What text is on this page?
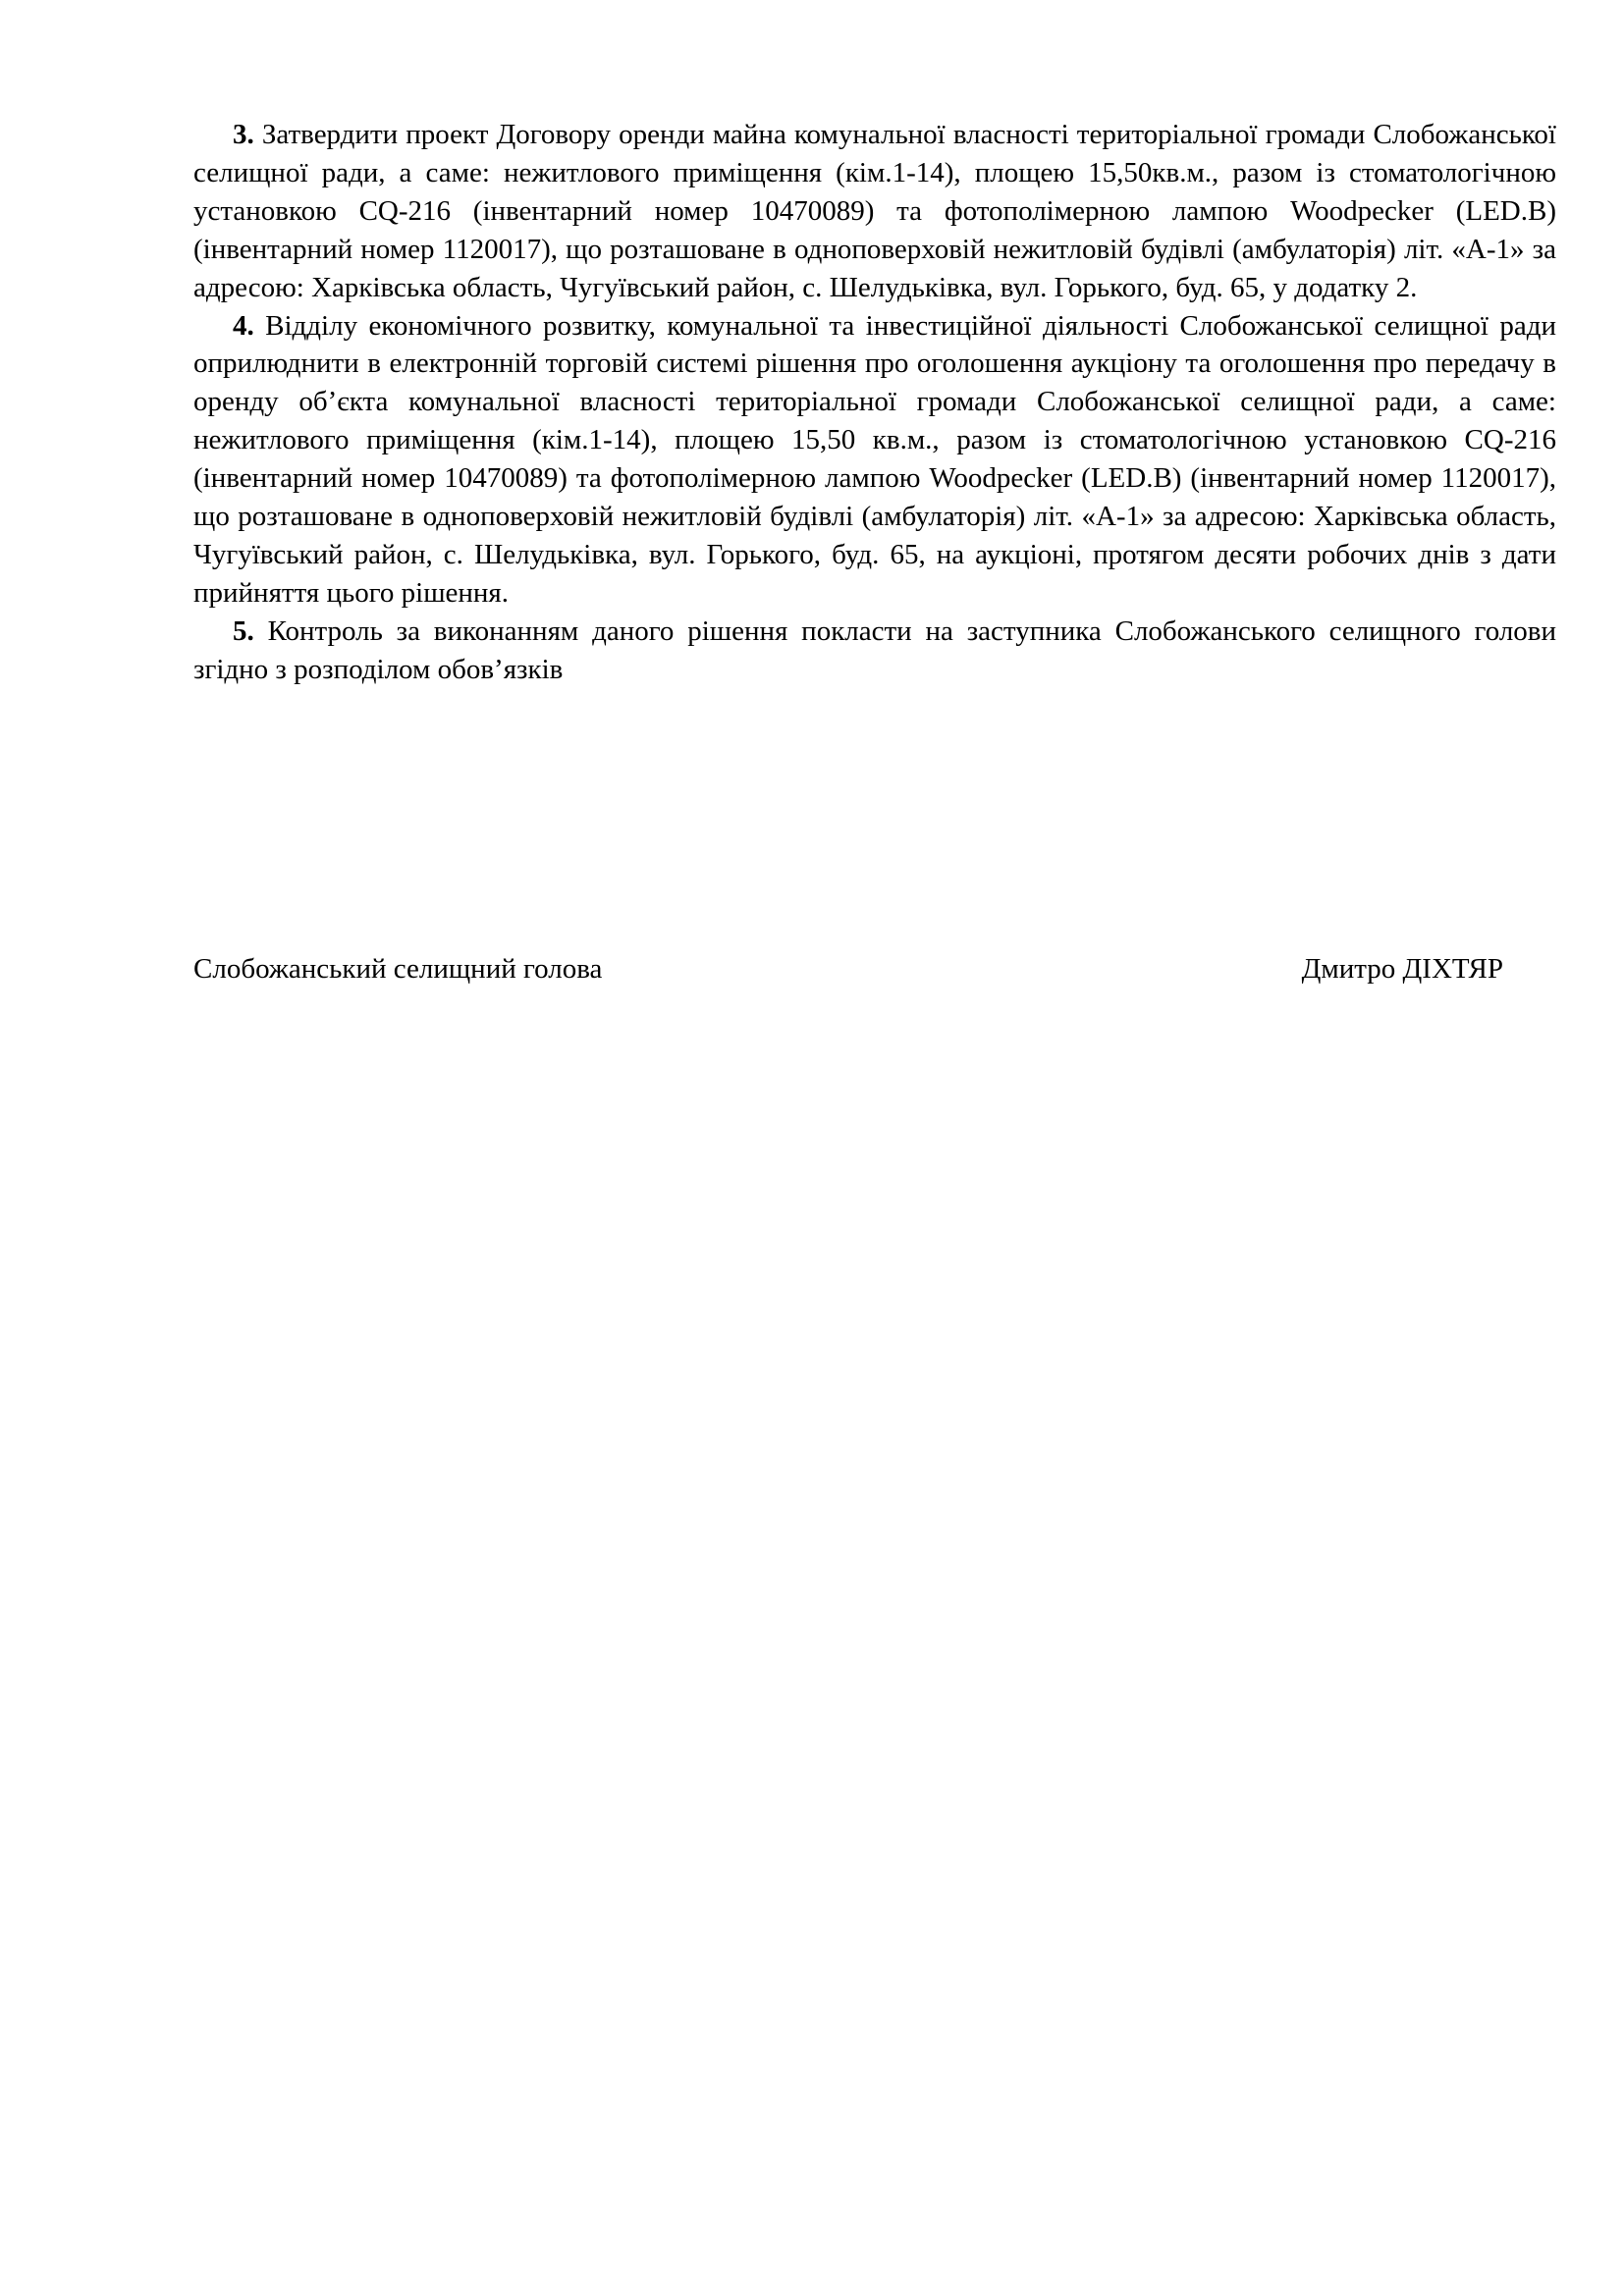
3. Затвердити проект Договору оренди майна комунальної власності територіальної громади Слобожанської селищної ради, а саме: нежитлового приміщення (кім.1-14), площею 15,50кв.м., разом із стоматологічною установкою CQ-216 (інвентарний номер 10470089) та фотополімерною лампою Woodpecker (LED.B) (інвентарний номер 1120017), що розташоване в одноповерховій нежитловій будівлі (амбулаторія) літ. «А-1» за адресою: Харківська область, Чугуївський район, с. Шелудьківка, вул. Горького, буд. 65, у додатку 2.

4. Відділу економічного розвитку, комунальної та інвестиційної діяльності Слобожанської селищної ради оприлюднити в електронній торговій системі рішення про оголошення аукціону та оголошення про передачу в оренду об’єкта комунальної власності територіальної громади Слобожанської селищної ради, а саме: нежитлового приміщення (кім.1-14), площею 15,50 кв.м., разом із стоматологічною установкою CQ-216 (інвентарний номер 10470089) та фотополімерною лампою Woodpecker (LED.B) (інвентарний номер 1120017), що розташоване в одноповерховій нежитловій будівлі (амбулаторія) літ. «А-1» за адресою: Харківська область, Чугуївський район, с. Шелудьківка, вул. Горького, буд. 65, на аукціоні, протягом десяти робочих днів з дати прийняття цього рішення.

5. Контроль за виконанням даного рішення покласти на заступника Слобожанського селищного голови згідно з розподілом обов’язків

Слобожанський селищний голова	Дмитро ДІХТЯР
